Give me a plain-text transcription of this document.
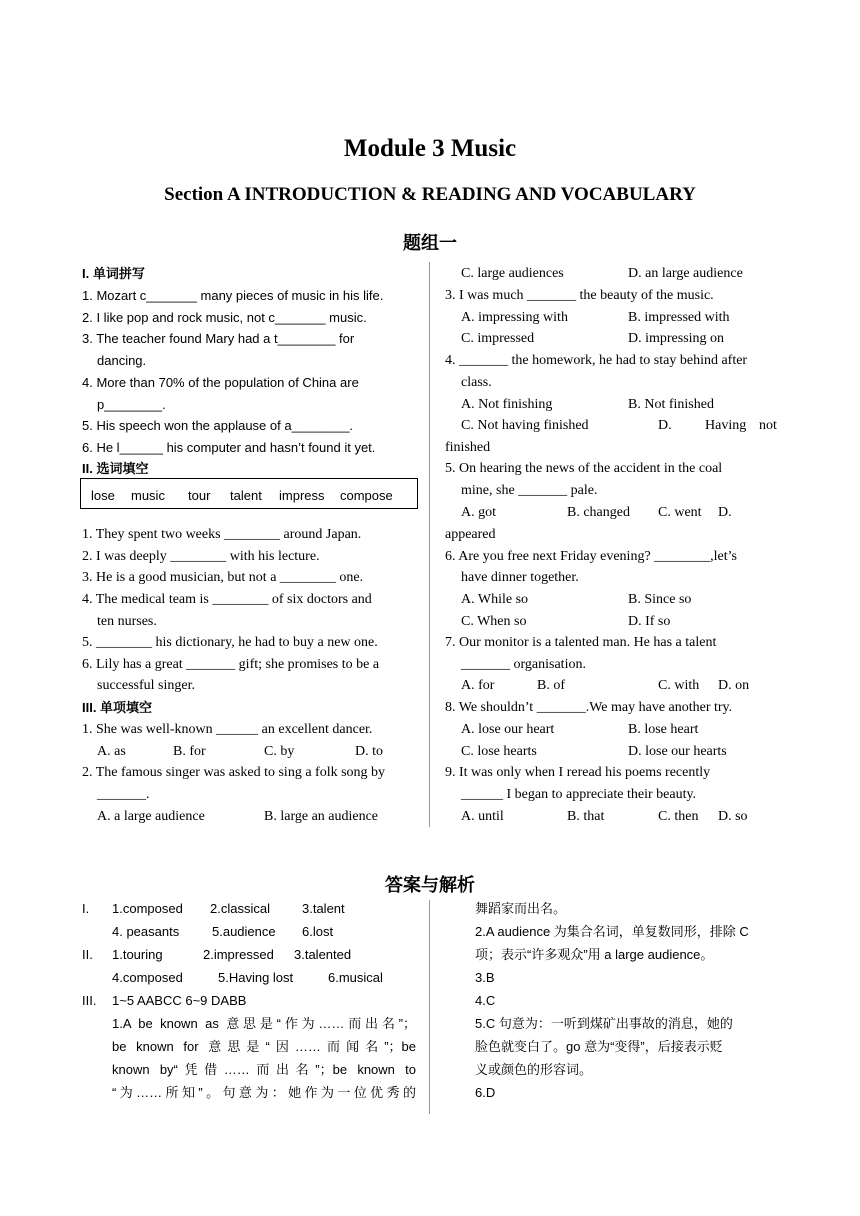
Module 3 Music
Section A INTRODUCTION & READING AND VOCABULARY
题组一
I. 单词拼写
1. Mozart c_______ many pieces of music in his life.
2. I like pop and rock music, not c_______ music.
3. The teacher found Mary had a t________ for
dancing.
4. More than 70% of the population of China are
p________.
5. His speech won the applause of a________.
6. He l______ his computer and hasn’t found it yet.
II. 选词填空
lose music tour talent impress compose
1. They spent two weeks ________ around Japan.
2. I was deeply ________ with his lecture.
3. He is a good musician, but not a ________ one.
4. The medical team is ________ of six doctors and
ten nurses.
5. ________ his dictionary, he had to buy a new one.
6. Lily has a great _______ gift; she promises to be a
successful singer.
III. 单项填空
1. She was well-known ______ an excellent dancer.
A. as	B. for	C. by	D. to
2. The famous singer was asked to sing a folk song by
_______.
A. a large audience	B. large an audience
C. large audiences	D. an large audience
3. I was much _______ the beauty of the music.
A. impressing with	B. impressed with
C. impressed	D. impressing on
4. _______ the homework, he had to stay behind after
class.
A. Not finishing	B. Not finished
C. Not having finished	D. Having not
finished
5. On hearing the news of the accident in the coal
mine, she _______ pale.
A. got	B. changed C. went D.
appeared
6. Are you free next Friday evening? ________,let’s
have dinner together.
A. While so	B. Since so
C. When so	D. If so
7. Our monitor is a talented man. He has a talent
_______ organisation.
A. for	B. of	C. with D. on
8. We shouldn’t _______.We may have another try.
A. lose our heart	B. lose heart
C. lose hearts	D. lose our hearts
9. It was only when I reread his poems recently
______ I began to appreciate their beauty.
A. until	B. that	C. then D. so
答案与解析
I. 1.composed 2.classical 3.talent
4. peasants	5.audience 6.lost
II. 1.touring	2.impressed 3.talented
4.composed	5.Having lost	6.musical
III. 1~5 AABCC 6~9 DABB
1.A be known as 意思是“作为……而出名”；
be known for 意思是“因……而闻名”；be
known by“凭借……而出名”；be known to
“为……所知”。句意为：她作为一位优秀的
舞蹈家而出名。
2.A audience 为集合名词，单复数同形，排除 C
项；表示“许多观众”用 a large audience。
3.B
4.C
5.C 句意为：一听到煤矿出事故的消息，她的
脸色就变白了。go 意为“变得”，后接表示贬
义或颜色的形容词。
6.D
